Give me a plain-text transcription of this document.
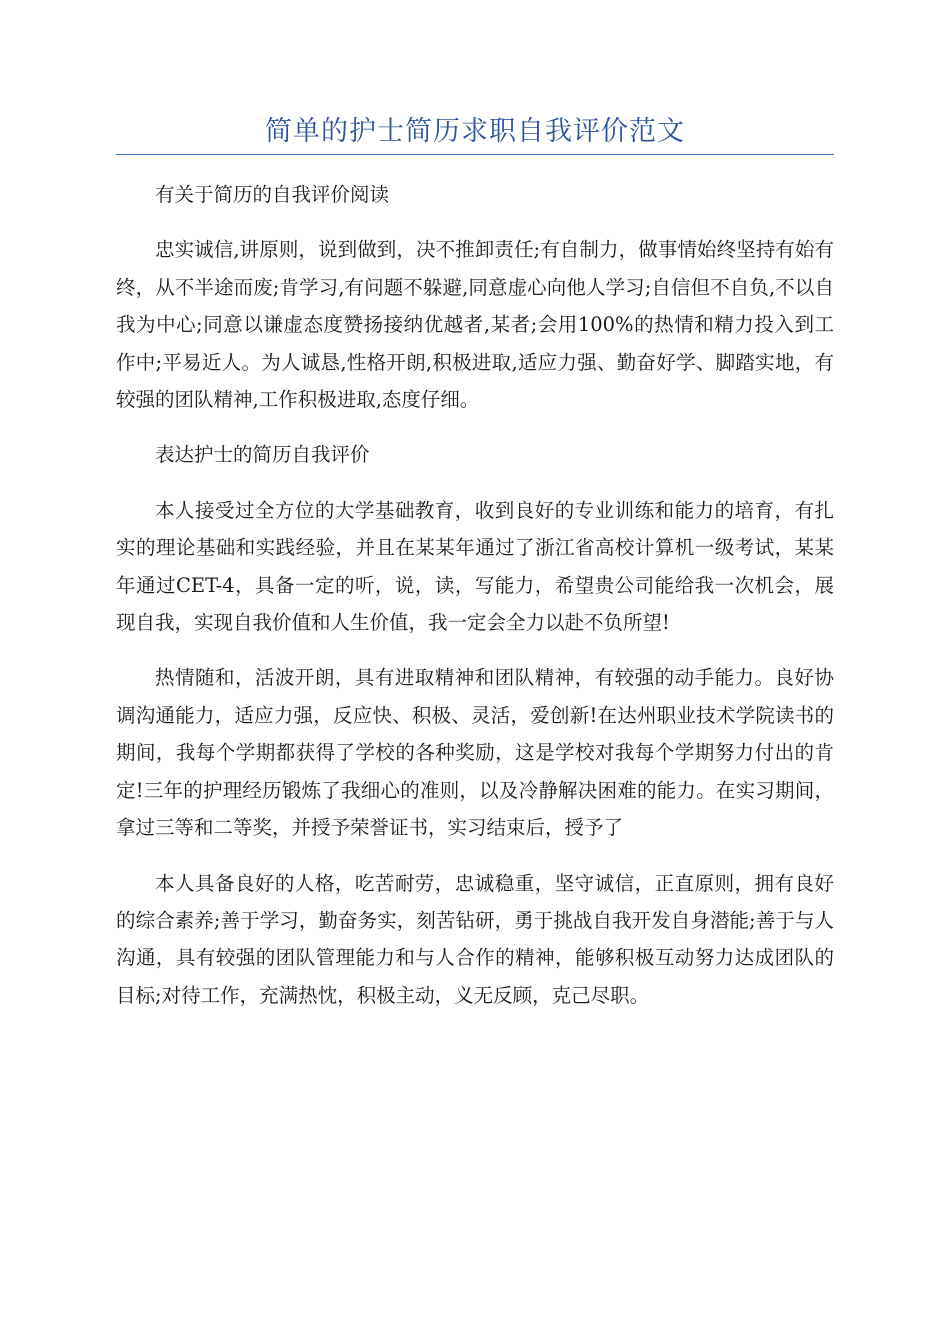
简单的护士简历求职自我评价范文

有关于简历的自我评价阅读

忠实诚信,讲原则，说到做到，决不推卸责任;有自制力，做事情始终坚持有始有终，从不半途而废;肯学习,有问题不躲避,同意虚心向他人学习;自信但不自负,不以自我为中心;同意以谦虚态度赞扬接纳优越者,某者;会用100%的热情和精力投入到工作中;平易近人。为人诚恳,性格开朗,积极进取,适应力强、勤奋好学、脚踏实地，有较强的团队精神,工作积极进取,态度仔细。

表达护士的简历自我评价

本人接受过全方位的大学基础教育，收到良好的专业训练和能力的培育，有扎实的理论基础和实践经验，并且在某某年通过了浙江省高校计算机一级考试，某某年通过CET-4，具备一定的听，说，读，写能力，希望贵公司能给我一次机会，展现自我，实现自我价值和人生价值，我一定会全力以赴不负所望!

热情随和，活波开朗，具有进取精神和团队精神，有较强的动手能力。良好协调沟通能力，适应力强，反应快、积极、灵活，爱创新!在达州职业技术学院读书的期间，我每个学期都获得了学校的各种奖励，这是学校对我每个学期努力付出的肯定!三年的护理经历锻炼了我细心的准则，以及冷静解决困难的能力。在实习期间，拿过三等和二等奖，并授予荣誉证书，实习结束后，授予了

本人具备良好的人格，吃苦耐劳，忠诚稳重，坚守诚信，正直原则，拥有良好的综合素养;善于学习，勤奋务实，刻苦钻研，勇于挑战自我开发自身潜能;善于与人沟通，具有较强的团队管理能力和与人合作的精神，能够积极互动努力达成团队的目标;对待工作，充满热忱，积极主动，义无反顾，克己尽职。
